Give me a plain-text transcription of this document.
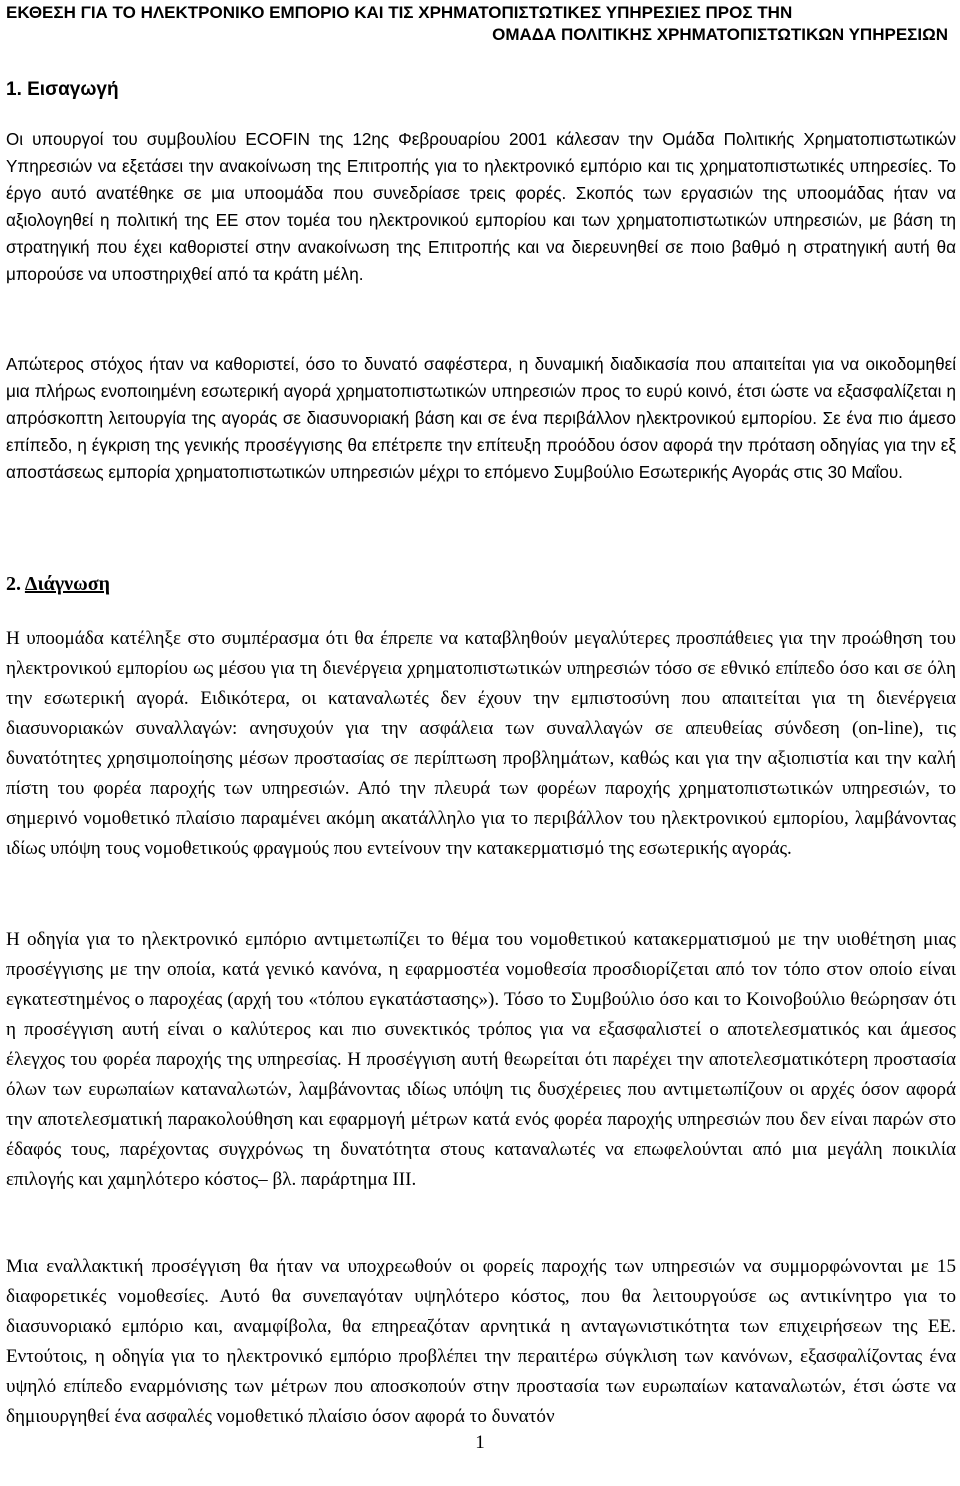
ΕΚΘΕΣΗ ΓΙΑ ΤΟ ΗΛΕΚΤΡΟΝΙΚΟ ΕΜΠΟΡΙΟ ΚΑΙ ΤΙΣ ΧΡΗΜΑΤΟΠΙΣΤΩΤΙΚΕΣ ΥΠΗΡΕΣΙΕΣ ΠΡΟΣ ΤΗΝ
ΟΜΑΔΑ ΠΟΛΙΤΙΚΗΣ ΧΡΗΜΑΤΟΠΙΣΤΩΤΙΚΩΝ ΥΠΗΡΕΣΙΩΝ
1. Εισαγωγή

Οι υπουργοί του συμβουλίου ECOFIN της 12ης Φεβρουαρίου 2001 κάλεσαν την Ομάδα Πολιτικής Χρηματοπιστωτικών Υπηρεσιών να εξετάσει την ανακοίνωση της Επιτροπής για το ηλεκτρονικό εμπόριο και τις χρηματοπιστωτικές υπηρεσίες. Το έργο αυτό ανατέθηκε σε μια υποομάδα που συνεδρίασε τρεις φορές. Σκοπός των εργασιών της υποομάδας ήταν να αξιολογηθεί η πολιτική της ΕΕ στον τομέα του ηλεκτρονικού εμπορίου και των χρηματοπιστωτικών υπηρεσιών, με βάση τη στρατηγική που έχει καθοριστεί στην ανακοίνωση της Επιτροπής και να διερευνηθεί σε ποιο βαθμό η στρατηγική αυτή θα μπορούσε να υποστηριχθεί από τα κράτη μέλη.

Απώτερος στόχος ήταν να καθοριστεί, όσο το δυνατό σαφέστερα, η δυναμική διαδικασία που απαιτείται για να οικοδομηθεί μια πλήρως ενοποιημένη εσωτερική αγορά χρηματοπιστωτικών υπηρεσιών προς το ευρύ κοινό, έτσι ώστε να εξασφαλίζεται η απρόσκοπτη λειτουργία της αγοράς σε διασυνοριακή βάση και σε ένα περιβάλλον ηλεκτρονικού εμπορίου. Σε ένα πιο άμεσο επίπεδο, η έγκριση της γενικής προσέγγισης θα επέτρεπε την επίτευξη προόδου όσον αφορά την πρόταση οδηγίας για την εξ αποστάσεως εμπορία χρηματοπιστωτικών υπηρεσιών μέχρι το επόμενο Συμβούλιο Εσωτερικής Αγοράς στις 30 Μαΐου.

2. Διάγνωση

Η υποομάδα κατέληξε στο συμπέρασμα ότι θα έπρεπε να καταβληθούν μεγαλύτερες προσπάθειες για την προώθηση του ηλεκτρονικού εμπορίου ως μέσου για τη διενέργεια χρηματοπιστωτικών υπηρεσιών τόσο σε εθνικό επίπεδο όσο και σε όλη την εσωτερική αγορά. Ειδικότερα, οι καταναλωτές δεν έχουν την εμπιστοσύνη που απαιτείται για τη διενέργεια διασυνοριακών συναλλαγών: ανησυχούν για την ασφάλεια των συναλλαγών σε απευθείας σύνδεση (on-line), τις δυνατότητες χρησιμοποίησης μέσων προστασίας σε περίπτωση προβλημάτων, καθώς και για την αξιοπιστία και την καλή πίστη του φορέα παροχής των υπηρεσιών. Από την πλευρά των φορέων παροχής χρηματοπιστωτικών υπηρεσιών, το σημερινό νομοθετικό πλαίσιο παραμένει ακόμη ακατάλληλο για το περιβάλλον του ηλεκτρονικού εμπορίου, λαμβάνοντας ιδίως υπόψη τους νομοθετικούς φραγμούς που εντείνουν την κατακερματισμό της εσωτερικής αγοράς.

Η οδηγία για το ηλεκτρονικό εμπόριο αντιμετωπίζει το θέμα του νομοθετικού κατακερματισμού με την υιοθέτηση μιας προσέγγισης με την οποία, κατά γενικό κανόνα, η εφαρμοστέα νομοθεσία προσδιορίζεται από τον τόπο στον οποίο είναι εγκατεστημένος ο παροχέας (αρχή του «τόπου εγκατάστασης»). Τόσο το Συμβούλιο όσο και το Κοινοβούλιο θεώρησαν ότι η προσέγγιση αυτή είναι ο καλύτερος και πιο συνεκτικός τρόπος για να εξασφαλιστεί ο αποτελεσματικός και άμεσος έλεγχος του φορέα παροχής της υπηρεσίας. Η προσέγγιση αυτή θεωρείται ότι παρέχει την αποτελεσματικότερη προστασία όλων των ευρωπαίων καταναλωτών, λαμβάνοντας ιδίως υπόψη τις δυσχέρειες που αντιμετωπίζουν οι αρχές όσον αφορά την αποτελεσματική παρακολούθηση και εφαρμογή μέτρων κατά ενός φορέα παροχής υπηρεσιών που δεν είναι παρών στο έδαφός τους, παρέχοντας συγχρόνως τη δυνατότητα στους καταναλωτές να επωφελούνται από μια μεγάλη ποικιλία επιλογής και χαμηλότερο κόστος– βλ. παράρτημα ΙΙΙ.

Μια εναλλακτική προσέγγιση θα ήταν να υποχρεωθούν οι φορείς παροχής των υπηρεσιών να συμμορφώνονται με 15 διαφορετικές νομοθεσίες. Αυτό θα συνεπαγόταν υψηλότερο κόστος, που θα λειτουργούσε ως αντικίνητρο για το διασυνοριακό εμπόριο και, αναμφίβολα, θα επηρεαζόταν αρνητικά η ανταγωνιστικότητα των επιχειρήσεων της ΕΕ. Εντούτοις, η οδηγία για το ηλεκτρονικό εμπόριο προβλέπει την περαιτέρω σύγκλιση των κανόνων, εξασφαλίζοντας ένα υψηλό επίπεδο εναρμόνισης των μέτρων που αποσκοπούν στην προστασία των ευρωπαίων καταναλωτών, έτσι ώστε να δημιουργηθεί ένα ασφαλές νομοθετικό πλαίσιο όσον αφορά το δυνατόν

1
